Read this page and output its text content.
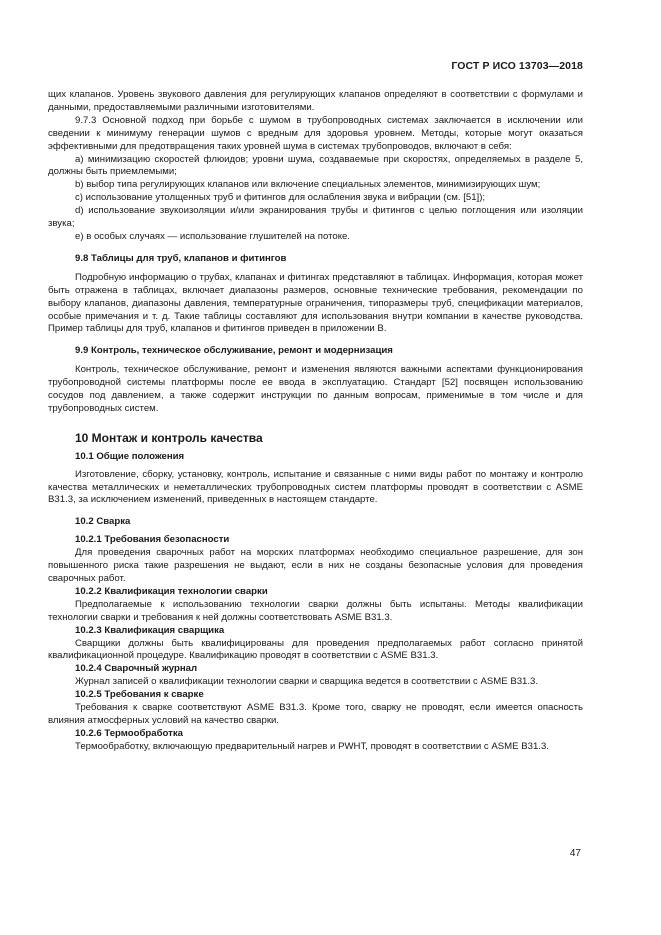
ГОСТ Р ИСО 13703—2018

щих клапанов. Уровень звукового давления для регулирующих клапанов определяют в соответствии с формулами и данными, предоставляемыми различными изготовителями.

9.7.3 Основной подход при борьбе с шумом в трубопроводных системах заключается в исключении или сведении к минимуму генерации шумов с вредным для здоровья уровнем. Методы, которые могут оказаться эффективными для предотвращения таких уровней шума в системах трубопроводов, включают в себя:

a) минимизацию скоростей флюидов; уровни шума, создаваемые при скоростях, определяемых в разделе 5, должны быть приемлемыми;

b) выбор типа регулирующих клапанов или включение специальных элементов, минимизирующих шум;

c) использование утолщенных труб и фитингов для ослабления звука и вибрации (см. [51]);

d) использование звукоизоляции и/или экранирования трубы и фитингов с целью поглощения или изоляции звука;

e) в особых случаях — использование глушителей на потоке.

9.8 Таблицы для труб, клапанов и фитингов

Подробную информацию о трубах, клапанах и фитингах представляют в таблицах. Информация, которая может быть отражена в таблицах, включает диапазоны размеров, основные технические требования, рекомендации по выбору клапанов, диапазоны давления, температурные ограничения, типоразмеры труб, спецификации материалов, особые примечания и т. д. Такие таблицы составляют для использования внутри компании в качестве руководства. Пример таблицы для труб, клапанов и фитингов приведен в приложении В.

9.9 Контроль, техническое обслуживание, ремонт и модернизация

Контроль, техническое обслуживание, ремонт и изменения являются важными аспектами функционирования трубопроводной системы платформы после ее ввода в эксплуатацию. Стандарт [52] посвящен использованию сосудов под давлением, а также содержит инструкции по данным вопросам, применимые в том числе и для трубопроводных систем.

10 Монтаж и контроль качества

10.1 Общие положения

Изготовление, сборку, установку, контроль, испытание и связанные с ними виды работ по монтажу и контролю качества металлических и неметаллических трубопроводных систем платформы проводят в соответствии с ASME B31.3, за исключением изменений, приведенных в настоящем стандарте.

10.2 Сварка

10.2.1 Требования безопасности

Для проведения сварочных работ на морских платформах необходимо специальное разрешение, для зон повышенного риска такие разрешения не выдают, если в них не созданы безопасные условия для проведения сварочных работ.

10.2.2 Квалификация технологии сварки

Предполагаемые к использованию технологии сварки должны быть испытаны. Методы квалификации технологии сварки и требования к ней должны соответствовать ASME B31.3.

10.2.3 Квалификация сварщика

Сварщики должны быть квалифицированы для проведения предполагаемых работ согласно принятой квалификационной процедуре. Квалификацию проводят в соответствии с ASME B31.3.

10.2.4 Сварочный журнал

Журнал записей о квалификации технологии сварки и сварщика ведется в соответствии с ASME B31.3.

10.2.5 Требования к сварке

Требования к сварке соответствуют ASME B31.3. Кроме того, сварку не проводят, если имеется опасность влияния атмосферных условий на качество сварки.

10.2.6 Термообработка

Термообработку, включающую предварительный нагрев и PWHT, проводят в соответствии с ASME B31.3.

47
